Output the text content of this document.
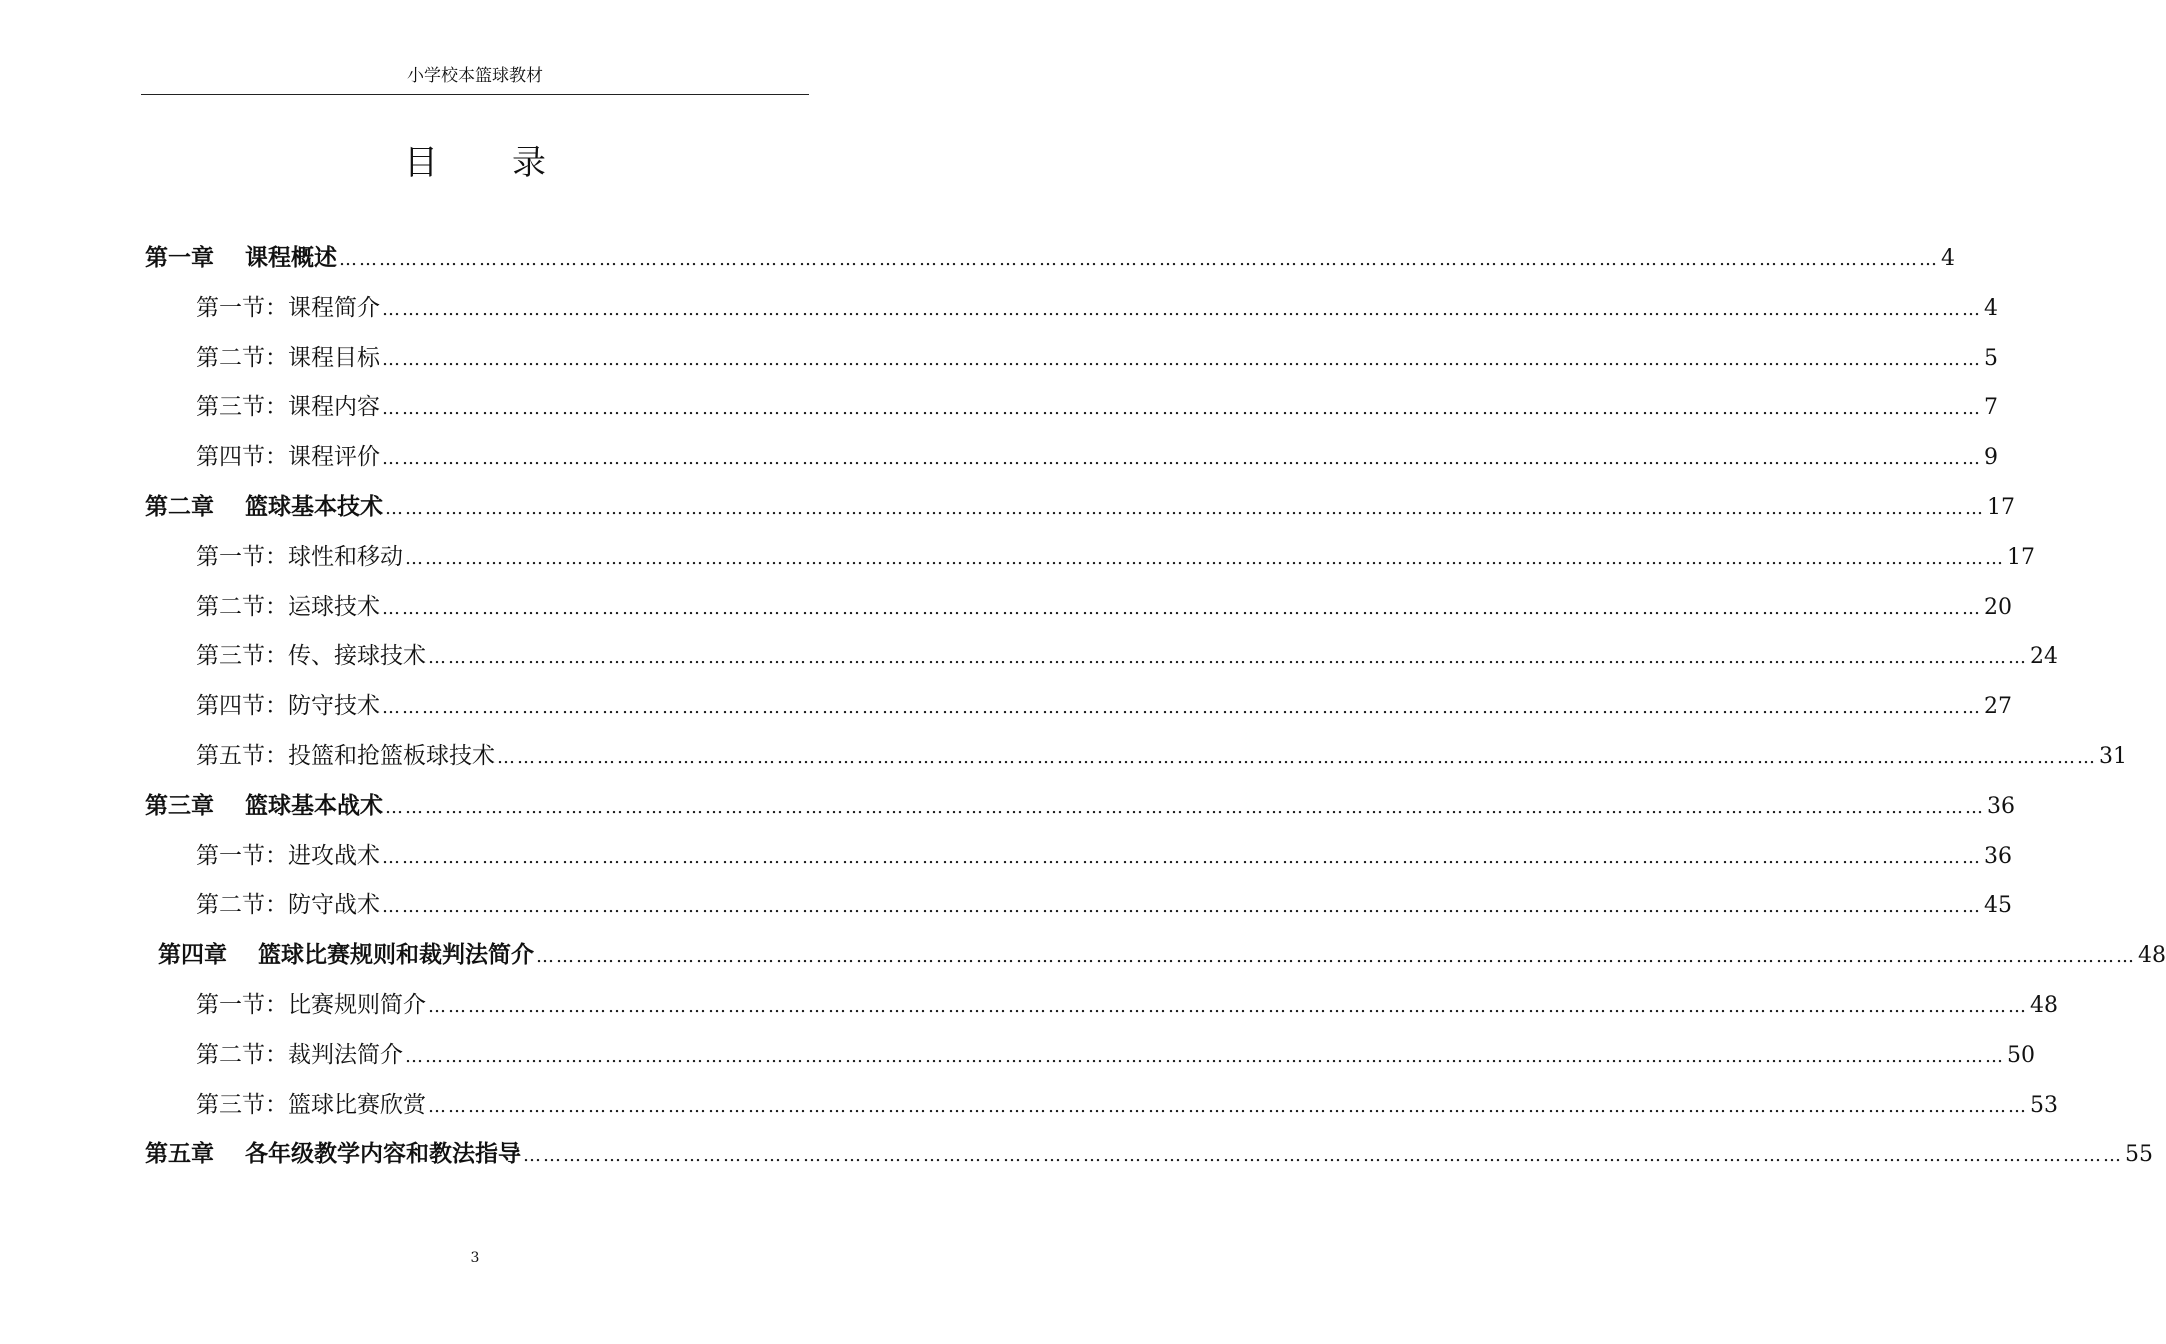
小学校本篮球教材
目 录
第一章　 课程概述 …………………………………………………………………………………………………………………………………………………………………………………………………………………… 4
第一节：课程简介 …………………………………………………………………………………………………………………………………………………………………………………………………………………… 4
第二节：课程目标 …………………………………………………………………………………………………………………………………………………………………………………………………………………… 5
第三节：课程内容 …………………………………………………………………………………………………………………………………………………………………………………………………………………… 7
第四节：课程评价 …………………………………………………………………………………………………………………………………………………………………………………………………………………… 9
第二章　 篮球基本技术 …………………………………………………………………………………………………………………………………………………………………………………………………………………… 17
第一节：球性和移动 …………………………………………………………………………………………………………………………………………………………………………………………………………………… 17
第二节：运球技术 …………………………………………………………………………………………………………………………………………………………………………………………………………………… 20
第三节：传、接球技术 …………………………………………………………………………………………………………………………………………………………………………………………………………………… 24
第四节：防守技术 …………………………………………………………………………………………………………………………………………………………………………………………………………………… 27
第五节：投篮和抢篮板球技术 …………………………………………………………………………………………………………………………………………………………………………………………………………………… 31
第三章　 篮球基本战术 …………………………………………………………………………………………………………………………………………………………………………………………………………………… 36
第一节：进攻战术 …………………………………………………………………………………………………………………………………………………………………………………………………………………… 36
第二节：防守战术 …………………………………………………………………………………………………………………………………………………………………………………………………………………… 45
第四章　 篮球比赛规则和裁判法简介 …………………………………………………………………………………………………………………………………………………………………………………………………………………… 48
第一节：比赛规则简介 …………………………………………………………………………………………………………………………………………………………………………………………………………………… 48
第二节：裁判法简介 …………………………………………………………………………………………………………………………………………………………………………………………………………………… 50
第三节：篮球比赛欣赏 …………………………………………………………………………………………………………………………………………………………………………………………………………………… 53
第五章　 各年级教学内容和教法指导 …………………………………………………………………………………………………………………………………………………………………………………………………………………… 55
3
